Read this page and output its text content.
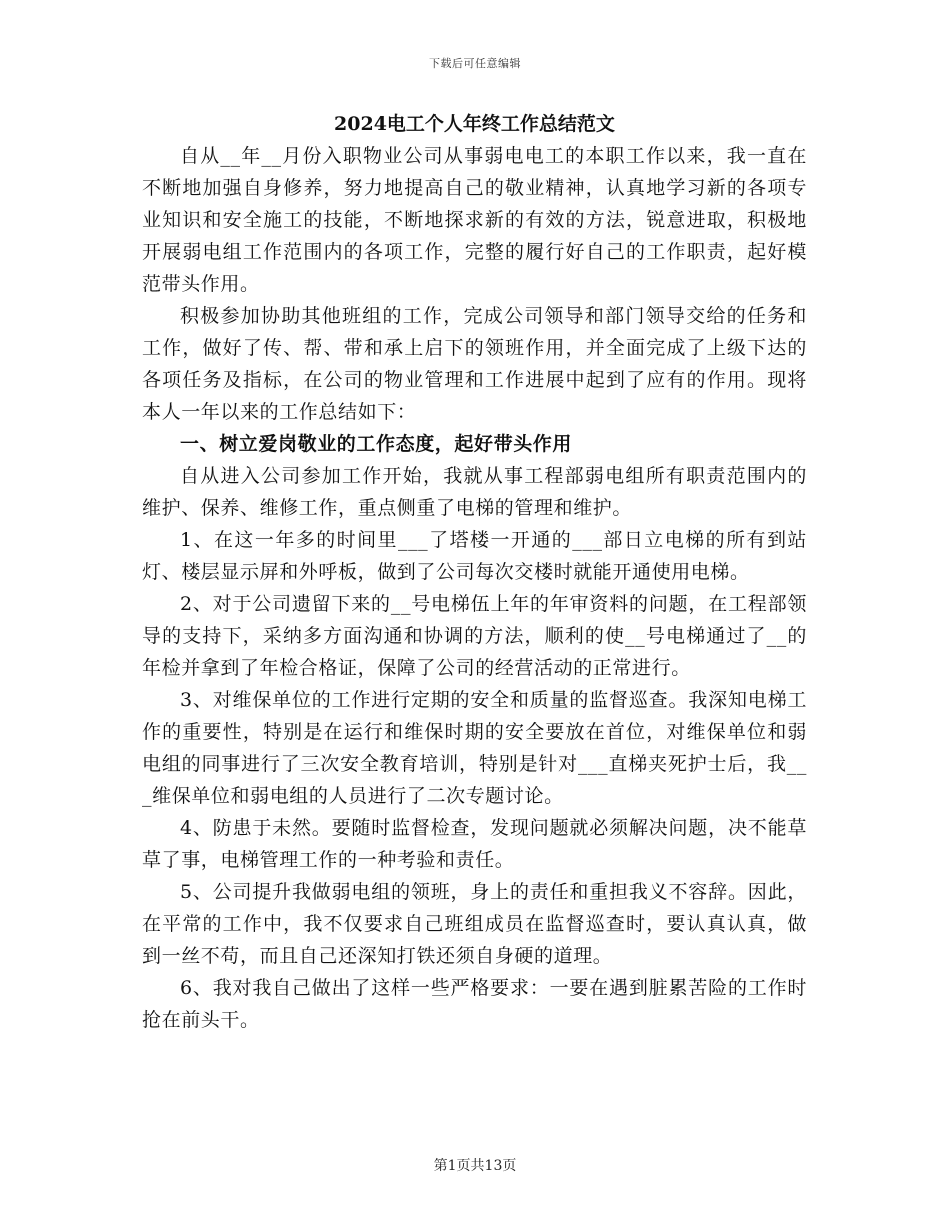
下载后可任意编辑
2024电工个人年终工作总结范文

自从__年__月份入职物业公司从事弱电电工的本职工作以来，我一直在不断地加强自身修养，努力地提高自己的敬业精神，认真地学习新的各项专业知识和安全施工的技能，不断地探求新的有效的方法，锐意进取，积极地开展弱电组工作范围内的各项工作，完整的履行好自己的工作职责，起好模范带头作用。

积极参加协助其他班组的工作，完成公司领导和部门领导交给的任务和工作，做好了传、帮、带和承上启下的领班作用，并全面完成了上级下达的各项任务及指标，在公司的物业管理和工作进展中起到了应有的作用。现将本人一年以来的工作总结如下：

一、树立爱岗敬业的工作态度，起好带头作用

自从进入公司参加工作开始，我就从事工程部弱电组所有职责范围内的维护、保养、维修工作，重点侧重了电梯的管理和维护。

1、在这一年多的时间里___了塔楼一开通的___部日立电梯的所有到站灯、楼层显示屏和外呼板，做到了公司每次交楼时就能开通使用电梯。

2、对于公司遗留下来的__号电梯伍上年的年审资料的问题，在工程部领导的支持下，采纳多方面沟通和协调的方法，顺利的使__号电梯通过了__的年检并拿到了年检合格证，保障了公司的经营活动的正常进行。

3、对维保单位的工作进行定期的安全和质量的监督巡查。我深知电梯工作的重要性，特别是在运行和维保时期的安全要放在首位，对维保单位和弱电组的同事进行了三次安全教育培训，特别是针对___直梯夹死护士后，我___维保单位和弱电组的人员进行了二次专题讨论。

4、防患于未然。要随时监督检查，发现问题就必须解决问题，决不能草草了事，电梯管理工作的一种考验和责任。

5、公司提升我做弱电组的领班，身上的责任和重担我义不容辞。因此，在平常的工作中，我不仅要求自己班组成员在监督巡查时，要认真认真，做到一丝不苟，而且自己还深知打铁还须自身硬的道理。

6、我对我自己做出了这样一些严格要求：一要在遇到脏累苦险的工作时抢在前头干。

第1页共13页
